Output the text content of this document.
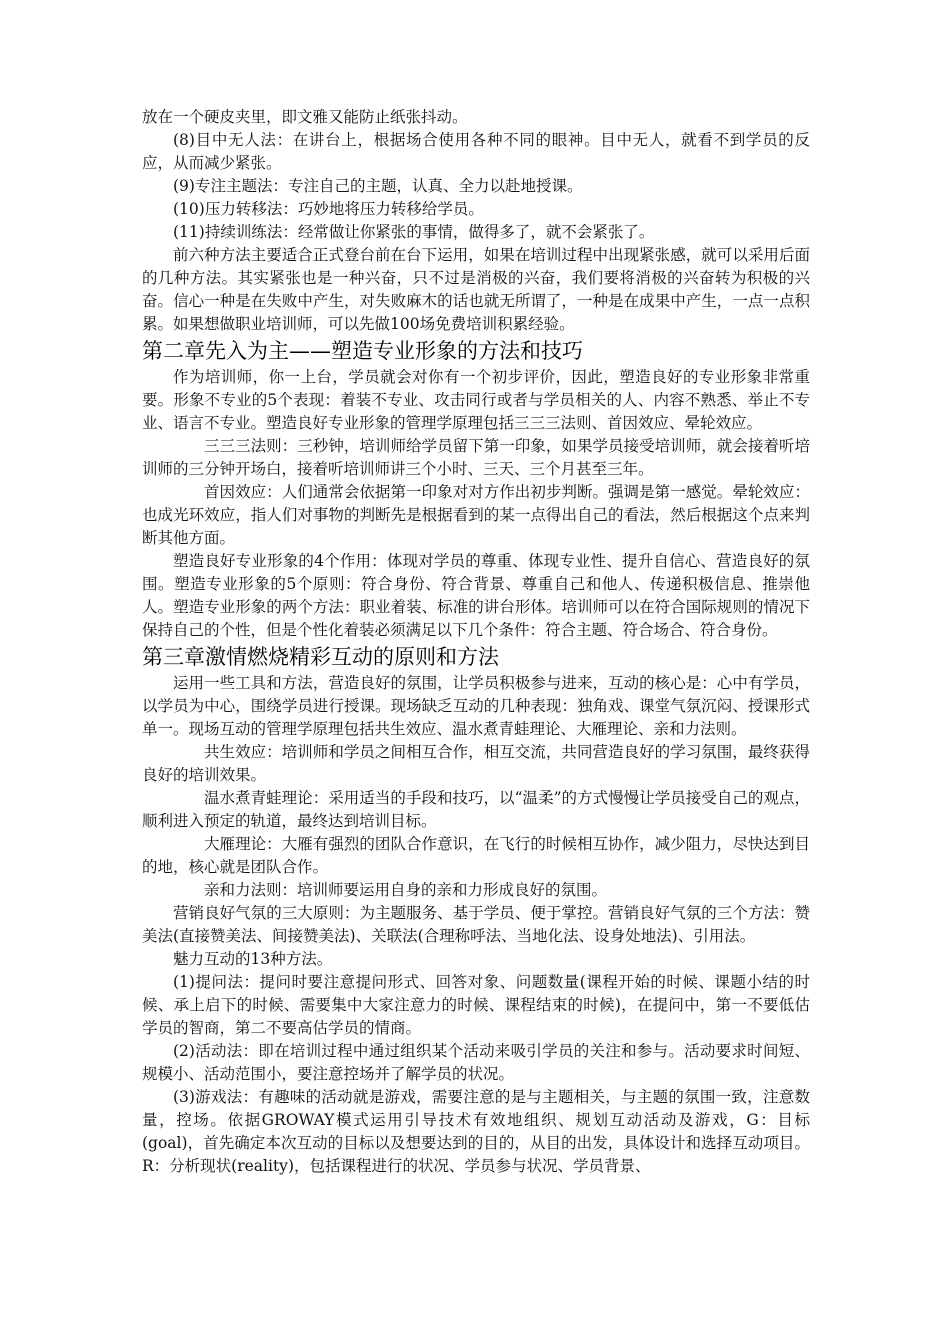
放在一个硬皮夹里，即文雅又能防止纸张抖动。

(8)目中无人法：在讲台上，根据场合使用各种不同的眼神。目中无人，就看不到学员的反应，从而减少紧张。

(9)专注主题法：专注自己的主题，认真、全力以赴地授课。

(10)压力转移法：巧妙地将压力转移给学员。

(11)持续训练法：经常做让你紧张的事情，做得多了，就不会紧张了。

前六种方法主要适合正式登台前在台下运用，如果在培训过程中出现紧张感，就可以采用后面的几种方法。其实紧张也是一种兴奋，只不过是消极的兴奋，我们要将消极的兴奋转为积极的兴奋。信心一种是在失败中产生，对失败麻木的话也就无所谓了，一种是在成果中产生，一点一点积累。如果想做职业培训师，可以先做100场免费培训积累经验。

第二章先入为主——塑造专业形象的方法和技巧

作为培训师，你一上台，学员就会对你有一个初步评价，因此，塑造良好的专业形象非常重要。形象不专业的5个表现：着装不专业、攻击同行或者与学员相关的人、内容不熟悉、举止不专业、语言不专业。塑造良好专业形象的管理学原理包括三三三法则、首因效应、晕轮效应。

三三三法则：三秒钟，培训师给学员留下第一印象，如果学员接受培训师，就会接着听培训师的三分钟开场白，接着听培训师讲三个小时、三天、三个月甚至三年。

首因效应：人们通常会依据第一印象对对方作出初步判断。强调是第一感觉。晕轮效应：也成光环效应，指人们对事物的判断先是根据看到的某一点得出自己的看法，然后根据这个点来判断其他方面。

塑造良好专业形象的4个作用：体现对学员的尊重、体现专业性、提升自信心、营造良好的氛围。塑造专业形象的5个原则：符合身份、符合背景、尊重自己和他人、传递积极信息、推崇他人。塑造专业形象的两个方法：职业着装、标准的讲台形体。培训师可以在符合国际规则的情况下保持自己的个性，但是个性化着装必须满足以下几个条件：符合主题、符合场合、符合身份。

第三章激情燃烧精彩互动的原则和方法

运用一些工具和方法，营造良好的氛围，让学员积极参与进来，互动的核心是：心中有学员，以学员为中心，围绕学员进行授课。现场缺乏互动的几种表现：独角戏、课堂气氛沉闷、授课形式单一。现场互动的管理学原理包括共生效应、温水煮青蛙理论、大雁理论、亲和力法则。

共生效应：培训师和学员之间相互合作，相互交流，共同营造良好的学习氛围，最终获得良好的培训效果。

温水煮青蛙理论：采用适当的手段和技巧，以“温柔”的方式慢慢让学员接受自己的观点，顺利进入预定的轨道，最终达到培训目标。

大雁理论：大雁有强烈的团队合作意识，在飞行的时候相互协作，减少阻力，尽快达到目的地，核心就是团队合作。

亲和力法则：培训师要运用自身的亲和力形成良好的氛围。

营销良好气氛的三大原则：为主题服务、基于学员、便于掌控。营销良好气氛的三个方法：赞美法(直接赞美法、间接赞美法)、关联法(合理称呼法、当地化法、设身处地法)、引用法。

魅力互动的13种方法。

(1)提问法：提问时要注意提问形式、回答对象、问题数量(课程开始的时候、课题小结的时候、承上启下的时候、需要集中大家注意力的时候、课程结束的时候)，在提问中，第一不要低估学员的智商，第二不要高估学员的情商。

(2)活动法：即在培训过程中通过组织某个活动来吸引学员的关注和参与。活动要求时间短、规模小、活动范围小，要注意控场并了解学员的状况。

(3)游戏法：有趣味的活动就是游戏，需要注意的是与主题相关，与主题的氛围一致，注意数量，控场。依据GROWAY模式运用引导技术有效地组织、规划互动活动及游戏，G：目标(goal)，首先确定本次互动的目标以及想要达到的目的，从目的出发，具体设计和选择互动项目。R：分析现状(reality)，包括课程进行的状况、学员参与状况、学员背景、
